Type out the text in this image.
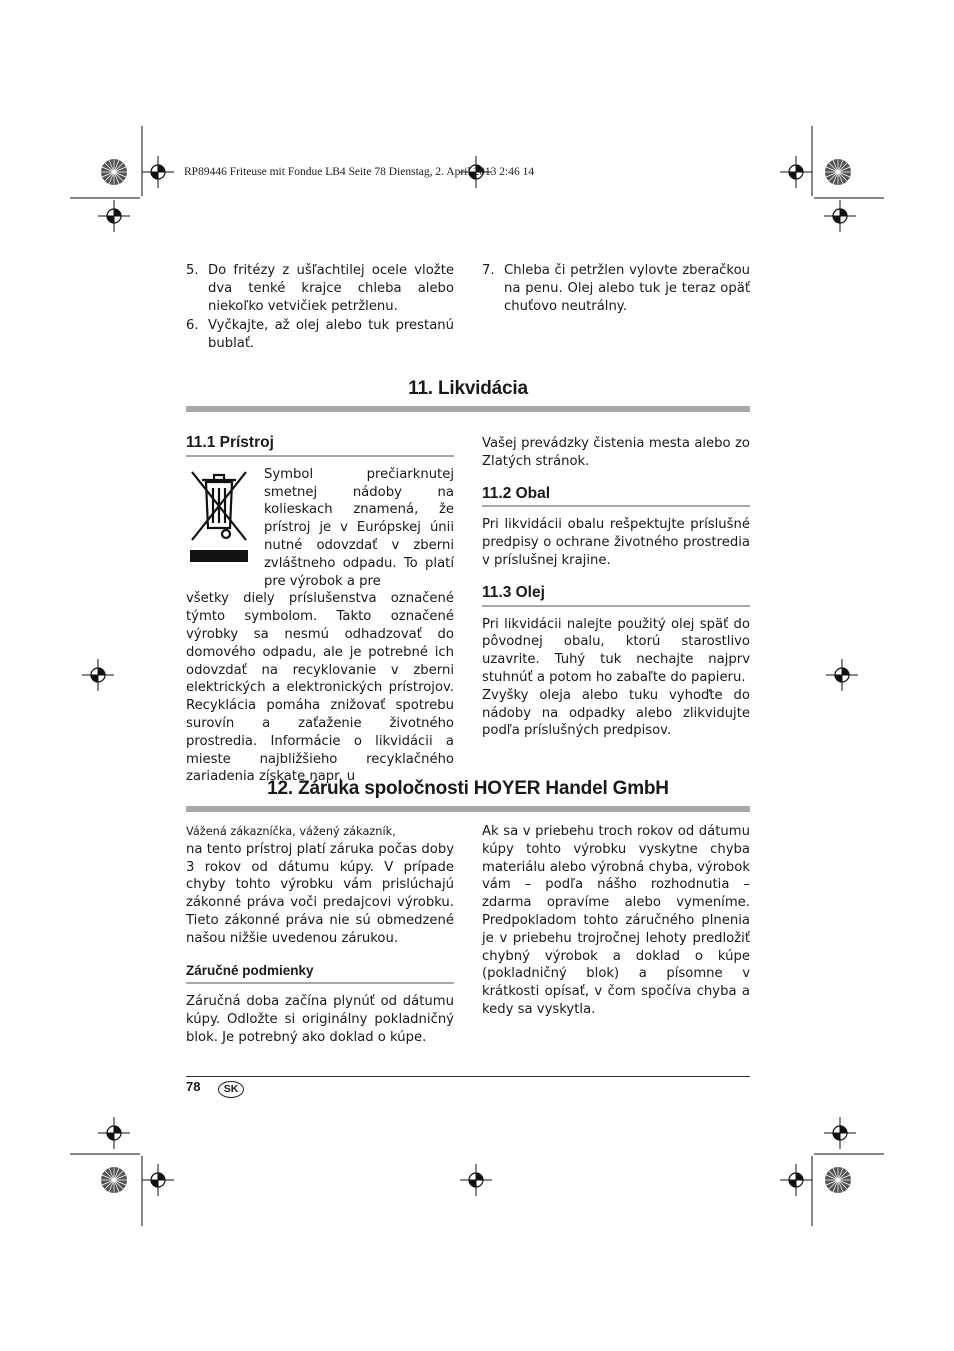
RP89446 Friteuse mit Fondue LB4 Seite 78 Dienstag, 2. April 2013 2:46 14
5. Do fritézy z ušľachtilej ocele vložte dva tenké krajce chleba alebo niekoľko vetvičiek petržlenu.
6. Vyčkajte, až olej alebo tuk prestanú bublať.
7. Chleba či petržlen vylovte zberačkou na penu. Olej alebo tuk je teraz opäť chuťovo neutrálny.
11. Likvidácia
11.1 Prístroj

Symbol prečiarknutej smetnej nádoby na kolieskach znamená, že prístroj je v Európskej únii nutné odovzdať v zberni zvláštneho odpadu. To platí pre výrobok a pre

všetky diely príslušenstva označené týmto symbolom. Takto označené výrobky sa nesmú odhadzovať do domového odpadu, ale je potrebné ich odovzdať na recyklovanie v zberni elektrických a elektronických prístrojov. Recyklácia pomáha znižovať spotrebu surovín a zaťaženie životného prostredia. Informácie o likvidácii a mieste najbližšieho recyklačného zariadenia získate napr. u

Vašej prevádzky čistenia mesta alebo zo Zlatých stránok.

11.2 Obal

Pri likvidácii obalu rešpektujte príslušné predpisy o ochrane životného prostredia v príslušnej krajine.

11.3 Olej

Pri likvidácii nalejte použitý olej späť do pôvodnej obalu, ktorú starostlivo uzavrite. Tuhý tuk nechajte najprv stuhnúť a potom ho zabaľte do papieru.

Zvyšky oleja alebo tuku vyhoďte do nádoby na odpadky alebo zlikvidujte podľa príslušných predpisov.

12. Záruka spoločnosti HOYER Handel GmbH

Vážená zákazníčka, vážený zákazník,

na tento prístroj platí záruka počas doby 3 rokov od dátumu kúpy. V prípade chyby tohto výrobku vám prislúchajú zákonné práva voči predajcovi výrobku. Tieto zákonné práva nie sú obmedzené našou nižšie uvedenou zárukou.

Záručné podmienky

Záručná doba začína plynúť od dátumu kúpy. Odložte si originálny pokladničný blok. Je potrebný ako doklad o kúpe.

Ak sa v priebehu troch rokov od dátumu kúpy tohto výrobku vyskytne chyba materiálu alebo výrobná chyba, výrobok vám – podľa nášho rozhodnutia – zdarma opravíme alebo vymeníme. Predpokladom tohto záručného plnenia je v priebehu trojročnej lehoty predložiť chybný výrobok a doklad o kúpe (pokladničný blok) a písomne v krátkosti opísať, v čom spočíva chyba a kedy sa vyskytla.

78	SK
